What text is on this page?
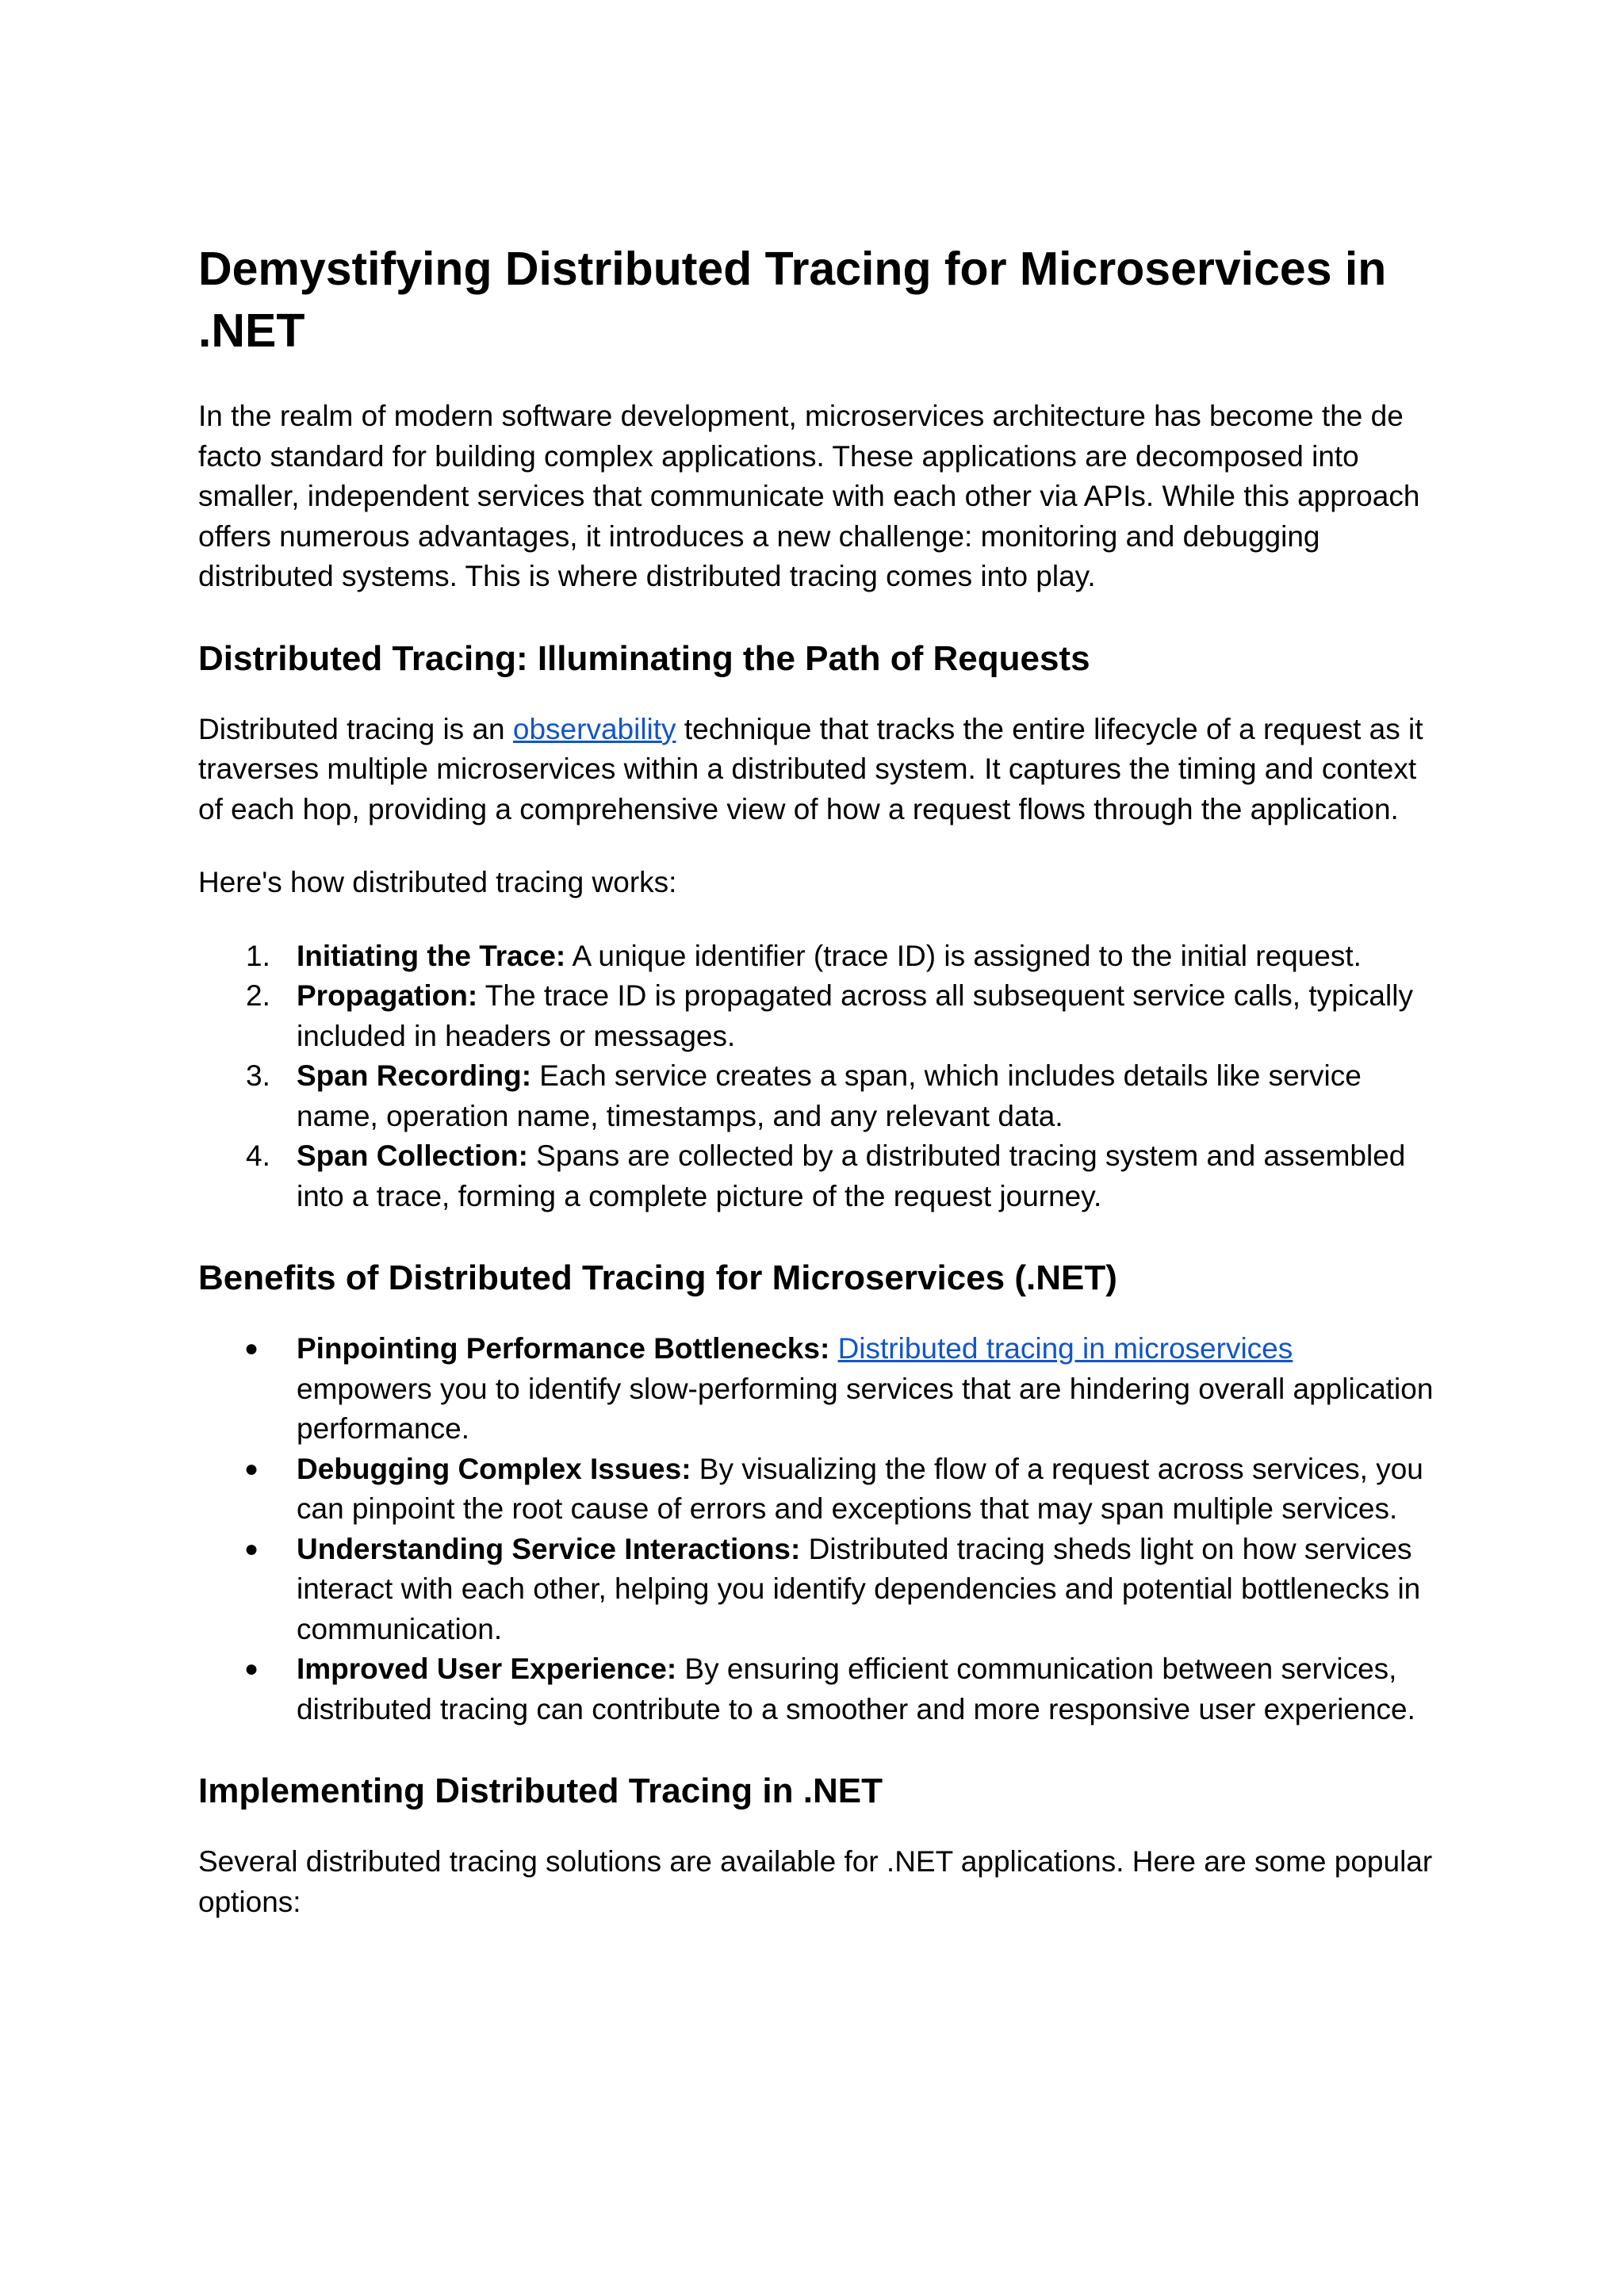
Demystifying Distributed Tracing for Microservices in .NET

In the realm of modern software development, microservices architecture has become the de facto standard for building complex applications. These applications are decomposed into smaller, independent services that communicate with each other via APIs. While this approach offers numerous advantages, it introduces a new challenge: monitoring and debugging distributed systems. This is where distributed tracing comes into play.

Distributed Tracing: Illuminating the Path of Requests

Distributed tracing is an observability technique that tracks the entire lifecycle of a request as it traverses multiple microservices within a distributed system. It captures the timing and context of each hop, providing a comprehensive view of how a request flows through the application.

Here's how distributed tracing works:

1. Initiating the Trace: A unique identifier (trace ID) is assigned to the initial request.
2. Propagation: The trace ID is propagated across all subsequent service calls, typically included in headers or messages.
3. Span Recording: Each service creates a span, which includes details like service name, operation name, timestamps, and any relevant data.
4. Span Collection: Spans are collected by a distributed tracing system and assembled into a trace, forming a complete picture of the request journey.
Benefits of Distributed Tracing for Microservices (.NET)
● Pinpointing Performance Bottlenecks: Distributed tracing in microservices empowers you to identify slow-performing services that are hindering overall application performance.
● Debugging Complex Issues: By visualizing the flow of a request across services, you can pinpoint the root cause of errors and exceptions that may span multiple services.
● Understanding Service Interactions: Distributed tracing sheds light on how services interact with each other, helping you identify dependencies and potential bottlenecks in communication.
● Improved User Experience: By ensuring efficient communication between services, distributed tracing can contribute to a smoother and more responsive user experience.
Implementing Distributed Tracing in .NET

Several distributed tracing solutions are available for .NET applications. Here are some popular options:
